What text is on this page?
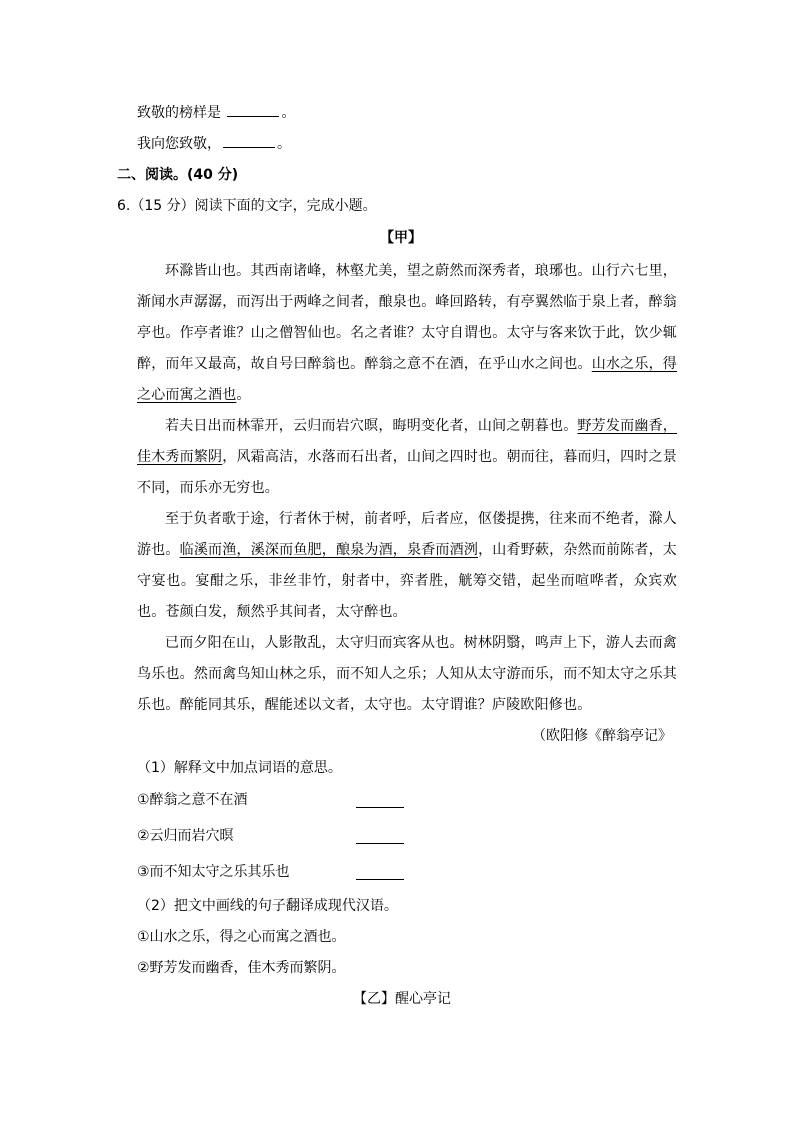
致敬的榜样是	。
我向您致敬，	。
二、阅读。(40 分)
6.（15 分）阅读下面的文字，完成小题。
【甲】

环滁皆山也。其西南诸峰，林壑尤美，望之蔚然而深秀者，琅琊也。山行六七里，渐闻水声潺潺，而泻出于两峰之间者，酿泉也。峰回路转，有亭翼然临于泉上者，醉翁亭也。作亭者谁？山之僧智仙也。名之者谁？太守自谓也。太守与客来饮于此，饮少辄醉，而年又最高，故自号曰醉翁也。醉翁之意不在酒，在乎山水之间也。山水之乐，得之心而寓之酒也。

若夫日出而林霏开，云归而岩穴暝，晦明变化者，山间之朝暮也。野芳发而幽香，佳木秀而繁阴，风霜高洁，水落而石出者，山间之四时也。朝而往，暮而归，四时之景不同，而乐亦无穷也。

至于负者歌于途，行者休于树，前者呼，后者应，伛偻提携，往来而不绝者，滁人游也。临溪而渔，溪深而鱼肥，酿泉为酒，泉香而酒洌，山肴野蔌，杂然而前陈者，太守宴也。宴酣之乐，非丝非竹，射者中，弈者胜，觥筹交错，起坐而喧哗者，众宾欢也。苍颜白发，颓然乎其间者，太守醉也。

已而夕阳在山，人影散乱，太守归而宾客从也。树林阴翳，鸣声上下，游人去而禽鸟乐也。然而禽鸟知山林之乐，而不知人之乐；人知从太守游而乐，而不知太守之乐其乐也。醉能同其乐，醒能述以文者，太守也。太守谓谁？庐陵欧阳修也。

（欧阳修《醉翁亭记》
（1）解释文中加点词语的意思。
①醉翁之意不在酒
②云归而岩穴暝
③而不知太守之乐其乐也
（2）把文中画线的句子翻译成现代汉语。
①山水之乐，得之心而寓之酒也。
②野芳发而幽香，佳木秀而繁阴。
【乙】醒心亭记
